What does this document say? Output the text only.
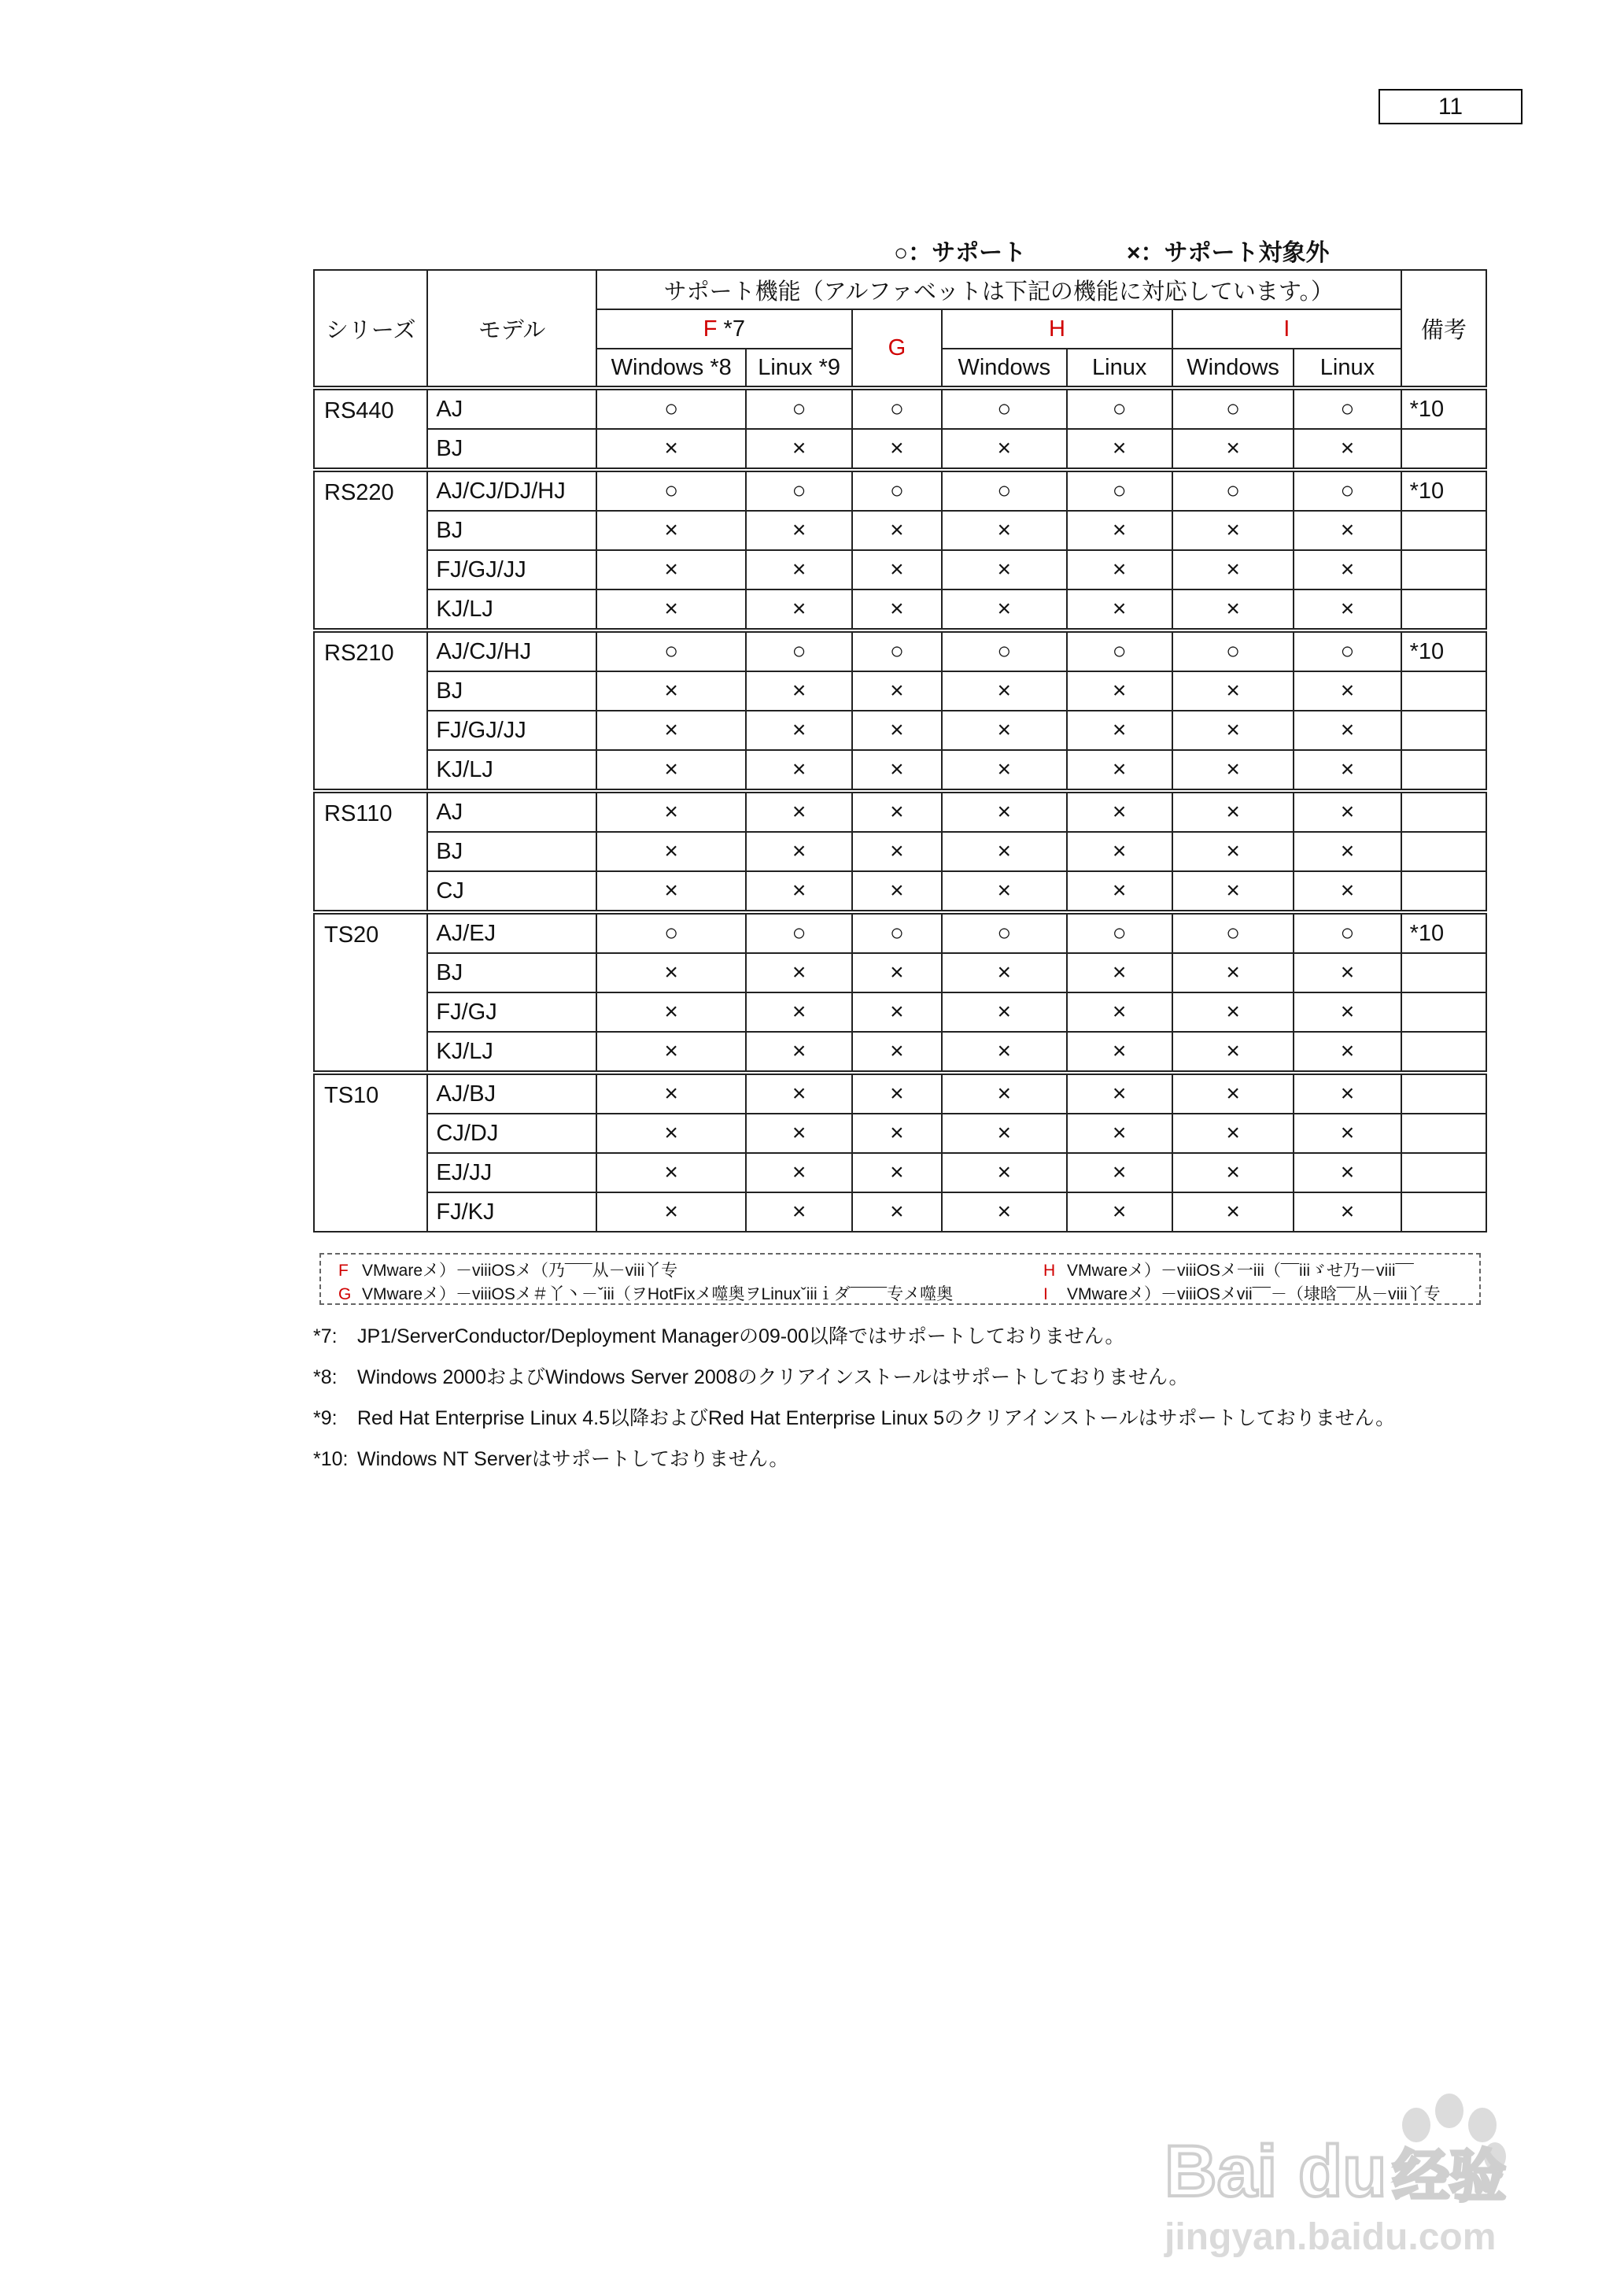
11
○：サポート	×：サポート対象外
シリーズ	モデル	サポート機能（アルファベットは下記の機能に対応しています。）							備考
		F *7		G	H		I		
		Windows *8	Linux *9		Windows	Linux	Windows	Linux	
RS440	AJ	○	○	○	○	○	○	○	*10
	BJ	×	×	×	×	×	×	×	
RS220	AJ/CJ/DJ/HJ	○	○	○	○	○	○	○	*10
	BJ	×	×	×	×	×	×	×	
	FJ/GJ/JJ	×	×	×	×	×	×	×	
	KJ/LJ	×	×	×	×	×	×	×	
RS210	AJ/CJ/HJ	○	○	○	○	○	○	○	*10
	BJ	×	×	×	×	×	×	×	
	FJ/GJ/JJ	×	×	×	×	×	×	×	
	KJ/LJ	×	×	×	×	×	×	×	
RS110	AJ	×	×	×	×	×	×	×	
	BJ	×	×	×	×	×	×	×	
	CJ	×	×	×	×	×	×	×	
TS20	AJ/EJ	○	○	○	○	○	○	○	*10
	BJ	×	×	×	×	×	×	×	
	FJ/GJ	×	×	×	×	×	×	×	
	KJ/LJ	×	×	×	×	×	×	×	
TS10	AJ/BJ	×	×	×	×	×	×	×	
	CJ/DJ	×	×	×	×	×	×	×	
	EJ/JJ	×	×	×	×	×	×	×	
	FJ/KJ	×	×	×	×	×	×	×	
F VMwareメ）－viiiOSメ（乃¯¯¯从－viii丫专
G VMwareメ）－viiiOSメ＃丫丶－ˇiii（ヲHotFixメ噬奥ヲLinuxˇiiiｉダ¯¯¯¯专メ噬奥
H VMwareメ）－viiiOSメ一iii（¯¯iiiゞせ乃－viii¯¯
I VMwareメ）－viiiOSメvii¯¯－（埭晗¯¯从－viii丫专
*7: JP1/ServerConductor/Deployment Managerの09-00以降ではサポートしておりません。
*8: Windows 2000およびWindows Server 2008のクリアインストールはサポートしておりません。
*9: Red Hat Enterprise Linux 4.5以降およびRed Hat Enterprise Linux 5のクリアインストールはサポートしておりません。
*10: Windows NT Serverはサポートしておりません。
Bai du 经验
jingyan.baidu.com
